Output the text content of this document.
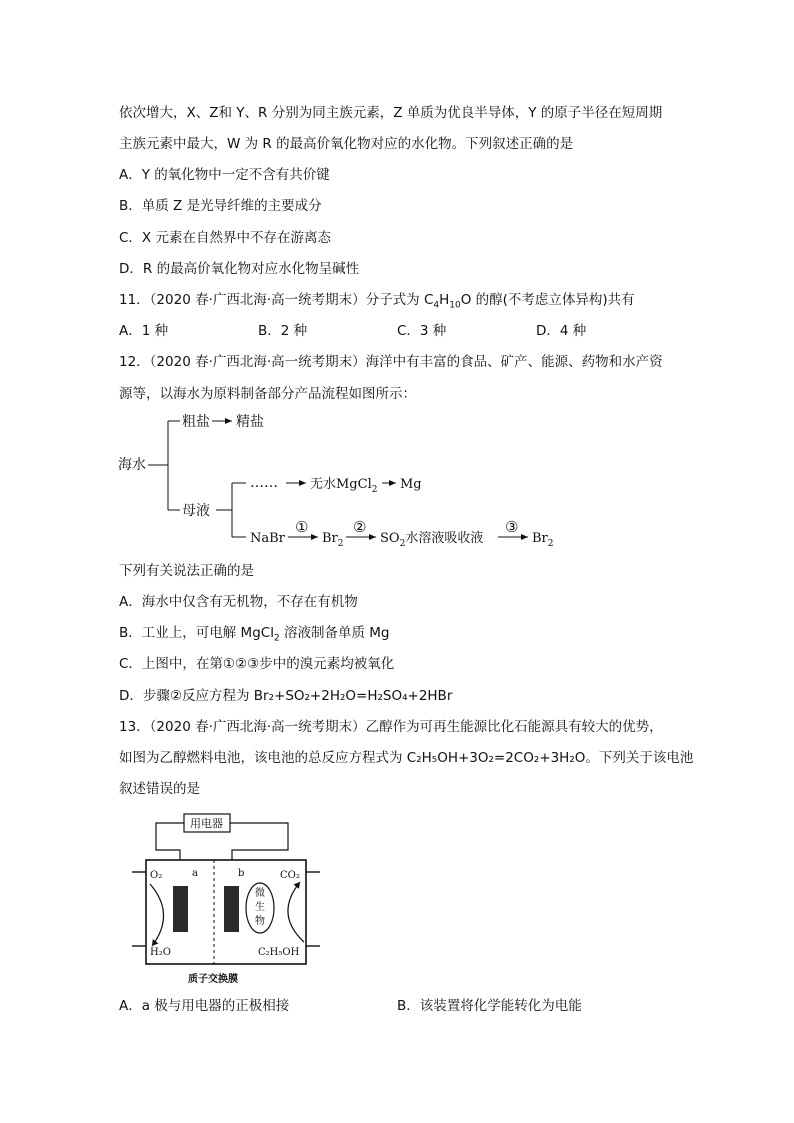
依次增大，X、Z和 Y、R 分别为同主族元素，Z 单质为优良半导体，Y 的原子半径在短周期
主族元素中最大，W 为 R 的最高价氧化物对应的水化物。下列叙述正确的是
A．Y 的氧化物中一定不含有共价键
B．单质 Z 是光导纤维的主要成分
C．X 元素在自然界中不存在游离态
D．R 的最高价氧化物对应水化物呈碱性
11．（2020 春·广西北海·高一统考期末）分子式为 $C_4H_{10}O$ 的醇(不考虑立体异构)共有
A．1 种	B．2 种	C．3 种	D．4 种
12．（2020 春·广西北海·高一统考期末）海洋中有丰富的食品、矿产、能源、药物和水产资
源等，以海水为原料制备部分产品流程如图所示：
海水
粗盐 精盐
母液
…… 无水MgCl$_2$ Mg
NaBr
①
$Br_2$
②
$SO_2$水溶液吸收液
③
$Br_2$
下列有关说法正确的是
A．海水中仅含有无机物，不存在有机物
B．工业上，可电解 MgCl$_2$ 溶液制备单质 Mg
C．上图中，在第①②③步中的溴元素均被氧化
D．步骤②反应方程为 Br₂+SO₂+2H₂O=H₂SO₄+2HBr
13．（2020 春·广西北海·高一统考期末）乙醇作为可再生能源比化石能源具有较大的优势，
如图为乙醇燃料电池，该电池的总反应方程式为 C₂H₅OH+3O₂=2CO₂+3H₂O。下列关于该电池
叙述错误的是
用电器
a	b
微
生
物
O₂
H₂O
CO₂
C₂H₅OH
质子交换膜
A．a 极与用电器的正极相接	B．该装置将化学能转化为电能
